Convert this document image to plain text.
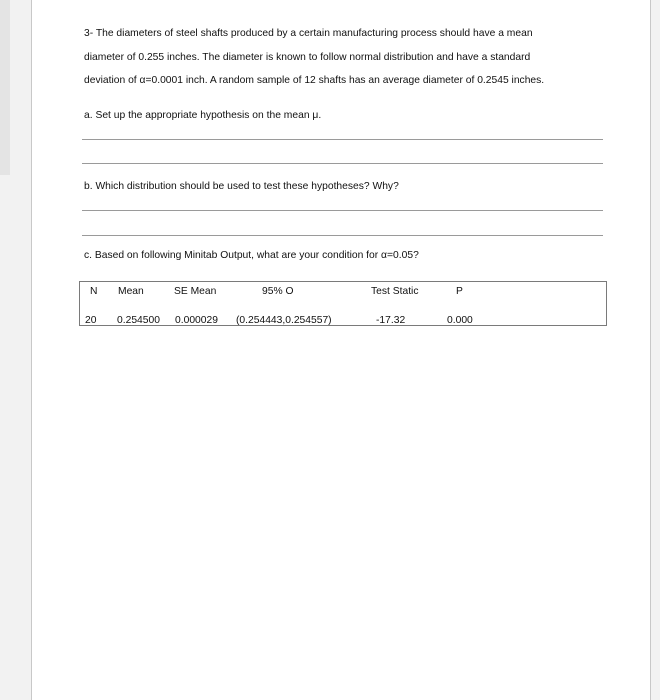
3- The diameters of steel shafts produced by a certain manufacturing process should have a mean
diameter of 0.255 inches. The diameter is known to follow normal distribution and have a standard
deviation of α=0.0001 inch. A random sample of 12 shafts has an average diameter of 0.2545 inches.
a. Set up the appropriate hypothesis on the mean μ.
b. Which distribution should be used to test these hypotheses? Why?
c. Based on following Minitab Output, what are your condition for α=0.05?
N Mean	SE Mean	95% O	Test Static	P
20 0.254500 0.000029 (0.254443,0.254557)	-17.32	0.000
